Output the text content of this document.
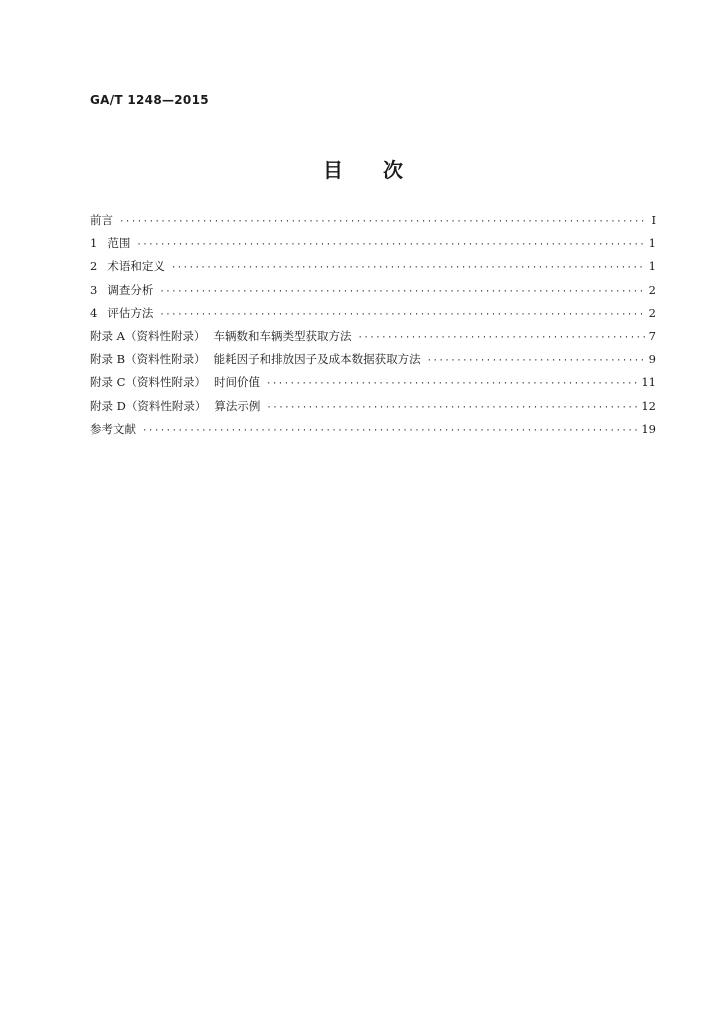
GA/T 1248—2015
目 次
前言 ·····	I
1 范围 ·····	1
2 术语和定义 ·····	1
3 调查分析 ·····	2
4 评估方法 ·····	2
附录 A（资料性附录） 车辆数和车辆类型获取方法 ·····	7
附录 B（资料性附录） 能耗因子和排放因子及成本数据获取方法 ·····	9
附录 C（资料性附录） 时间价值 ·····	11
附录 D（资料性附录） 算法示例 ·····	12
参考文献 ·····	19
